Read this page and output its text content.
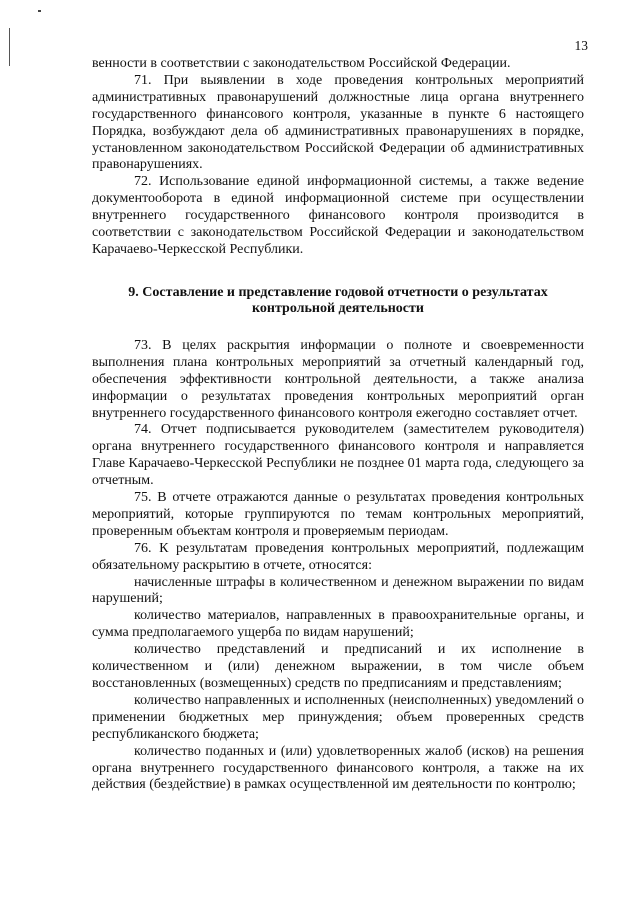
13

венности в соответствии с законодательством Российской Федерации.

71. При выявлении в ходе проведения контрольных мероприятий административных правонарушений должностные лица органа внутреннего государственного финансового контроля, указанные в пункте 6 настоящего Порядка, возбуждают дела об административных правонарушениях в порядке, установленном законодательством Российской Федерации об административных правонарушениях.

72. Использование единой информационной системы, а также ведение документооборота в единой информационной системе при осуществлении внутреннего государственного финансового контроля производится в соответствии с законодательством Российской Федерации и законодательством Карачаево-Черкесской Республики.

9. Составление и представление годовой отчетности о результатах
контрольной деятельности

73. В целях раскрытия информации о полноте и своевременности выполнения плана контрольных мероприятий за отчетный календарный год, обеспечения эффективности контрольной деятельности, а также анализа информации о результатах проведения контрольных мероприятий орган внутреннего государственного финансового контроля ежегодно составляет отчет.

74. Отчет подписывается руководителем (заместителем руководителя) органа внутреннего государственного финансового контроля и направляется Главе Карачаево-Черкесской Республики не позднее 01 марта года, следующего за отчетным.

75. В отчете отражаются данные о результатах проведения контрольных мероприятий, которые группируются по темам контрольных мероприятий, проверенным объектам контроля и проверяемым периодам.

76. К результатам проведения контрольных мероприятий, подлежащим обязательному раскрытию в отчете, относятся:

начисленные штрафы в количественном и денежном выражении по видам нарушений;

количество материалов, направленных в правоохранительные органы, и сумма предполагаемого ущерба по видам нарушений;

количество представлений и предписаний и их исполнение в количественном и (или) денежном выражении, в том числе объем восстановленных (возмещенных) средств по предписаниям и представлениям;

количество направленных и исполненных (неисполненных) уведомлений о применении бюджетных мер принуждения; объем проверенных средств республиканского бюджета;

количество поданных и (или) удовлетворенных жалоб (исков) на решения органа внутреннего государственного финансового контроля, а также на их действия (бездействие) в рамках осуществленной им деятельности по контролю;
